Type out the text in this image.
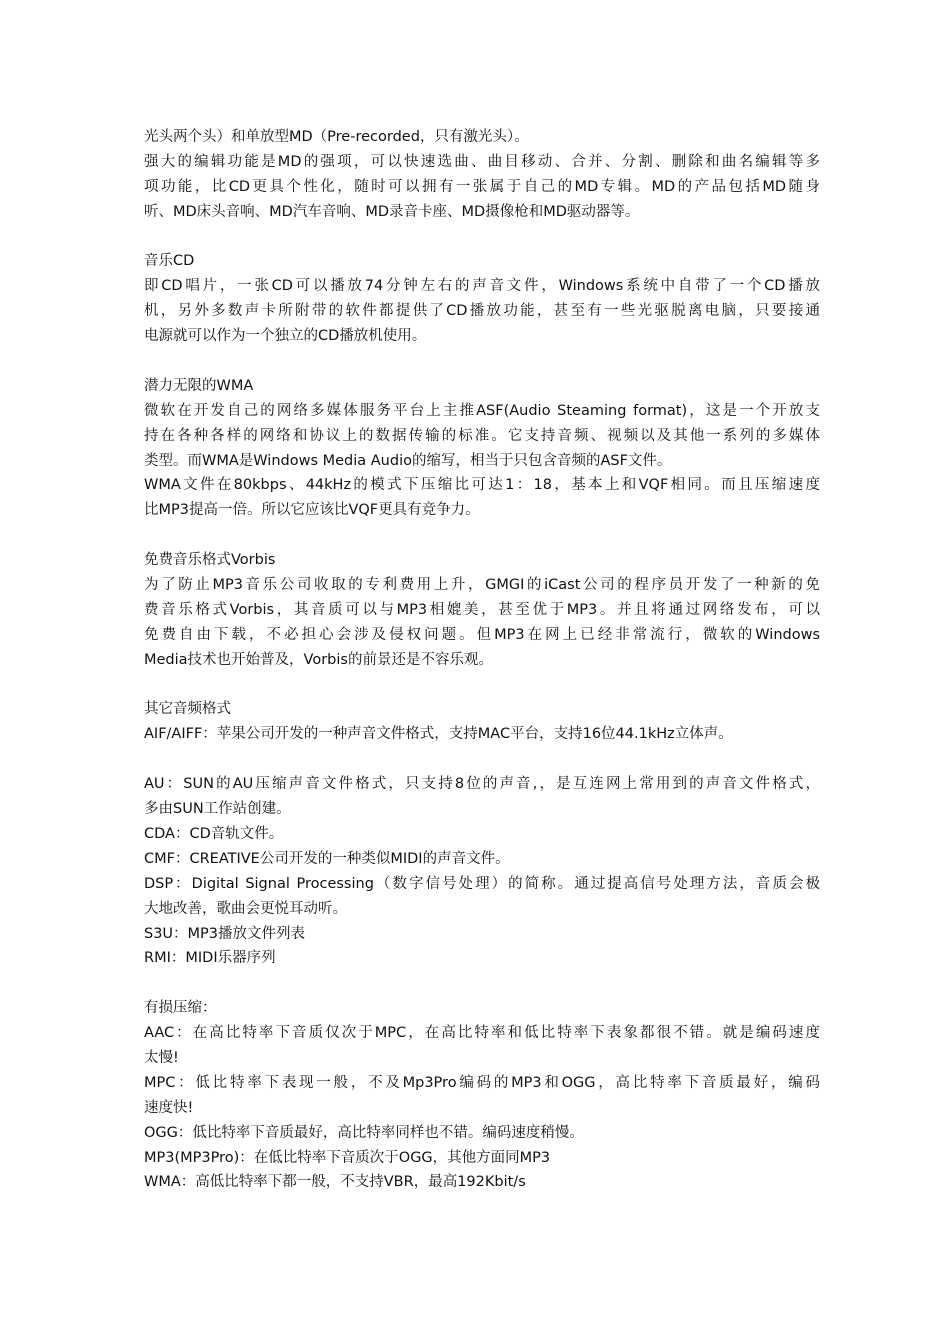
光头两个头）和单放型MD（Pre-recorded，只有激光头）。
强大的编辑功能是MD的强项，可以快速选曲、曲目移动、合并、分割、删除和曲名编辑等多
项功能，比CD更具个性化，随时可以拥有一张属于自己的MD专辑。MD的产品包括MD随身
听、MD床头音响、MD汽车音响、MD录音卡座、MD摄像枪和MD驱动器等。
音乐CD
即CD唱片，一张CD可以播放74分钟左右的声音文件，Windows系统中自带了一个CD播放
机，另外多数声卡所附带的软件都提供了CD播放功能，甚至有一些光驱脱离电脑，只要接通
电源就可以作为一个独立的CD播放机使用。
潜力无限的WMA
微软在开发自己的网络多媒体服务平台上主推ASF(Audio Steaming format)，这是一个开放支
持在各种各样的网络和协议上的数据传输的标准。它支持音频、视频以及其他一系列的多媒体
类型。而WMA是Windows Media Audio的缩写，相当于只包含音频的ASF文件。
WMA文件在80kbps、44kHz的模式下压缩比可达1：18，基本上和VQF相同。而且压缩速度
比MP3提高一倍。所以它应该比VQF更具有竞争力。
免费音乐格式Vorbis
为了防止MP3音乐公司收取的专利费用上升，GMGI的iCast公司的程序员开发了一种新的免
费音乐格式Vorbis，其音质可以与MP3相媲美，甚至优于MP3。并且将通过网络发布，可以
免费自由下载，不必担心会涉及侵权问题。但MP3在网上已经非常流行，微软的Windows
Media技术也开始普及，Vorbis的前景还是不容乐观。
其它音频格式
AIF/AIFF：苹果公司开发的一种声音文件格式，支持MAC平台，支持16位44.1kHz立体声。
AU：SUN的AU压缩声音文件格式，只支持8位的声音,，是互连网上常用到的声音文件格式，
多由SUN工作站创建。
CDA：CD音轨文件。
CMF：CREATIVE公司开发的一种类似MIDI的声音文件。
DSP：Digital Signal Processing（数字信号处理）的简称。通过提高信号处理方法，音质会极
大地改善，歌曲会更悦耳动听。
S3U：MP3播放文件列表
RMI：MIDI乐器序列
有损压缩：
AAC：在高比特率下音质仅次于MPC，在高比特率和低比特率下表象都很不错。就是编码速度
太慢!
MPC：低比特率下表现一般，不及Mp3Pro编码的MP3和OGG，高比特率下音质最好，编码
速度快!
OGG：低比特率下音质最好，高比特率同样也不错。编码速度稍慢。
MP3(MP3Pro)：在低比特率下音质次于OGG，其他方面同MP3
WMA：高低比特率下都一般，不支持VBR，最高192Kbit/s
